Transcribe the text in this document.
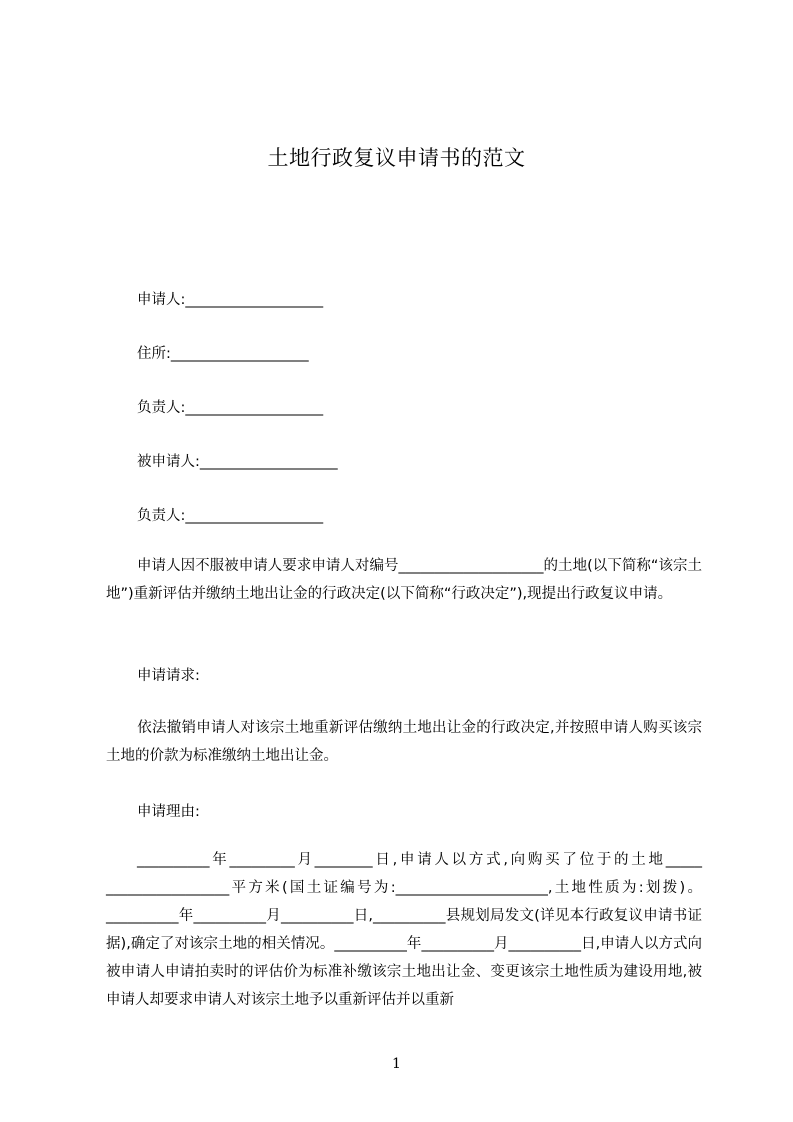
土地行政复议申请书的范文
申请人:___________________
住所:___________________
负责人:___________________
被申请人:___________________
负责人:___________________
申请人因不服被申请人要求申请人对编号____________________的土地(以下简称“该宗土地”)重新评估并缴纳土地出让金的行政决定(以下简称“行政决定”),现提出行政复议申请。
申请请求:
依法撤销申请人对该宗土地重新评估缴纳土地出让金的行政决定,并按照申请人购买该宗土地的价款为标准缴纳土地出让金。
申请理由:
__________年_________月________日,申请人以方式,向购买了位于的土地_____ _________________平方米(国土证编号为:_____________________,土地性质为:划拨)。__________年__________月__________日,__________县规划局发文(详见本行政复议申请书证据),确定了对该宗土地的相关情况。__________年__________月__________日,申请人以方式向被申请人申请拍卖时的评估价为标准补缴该宗土地出让金、变更该宗土地性质为建设用地,被申请人却要求申请人对该宗土地予以重新评估并以重新
1
